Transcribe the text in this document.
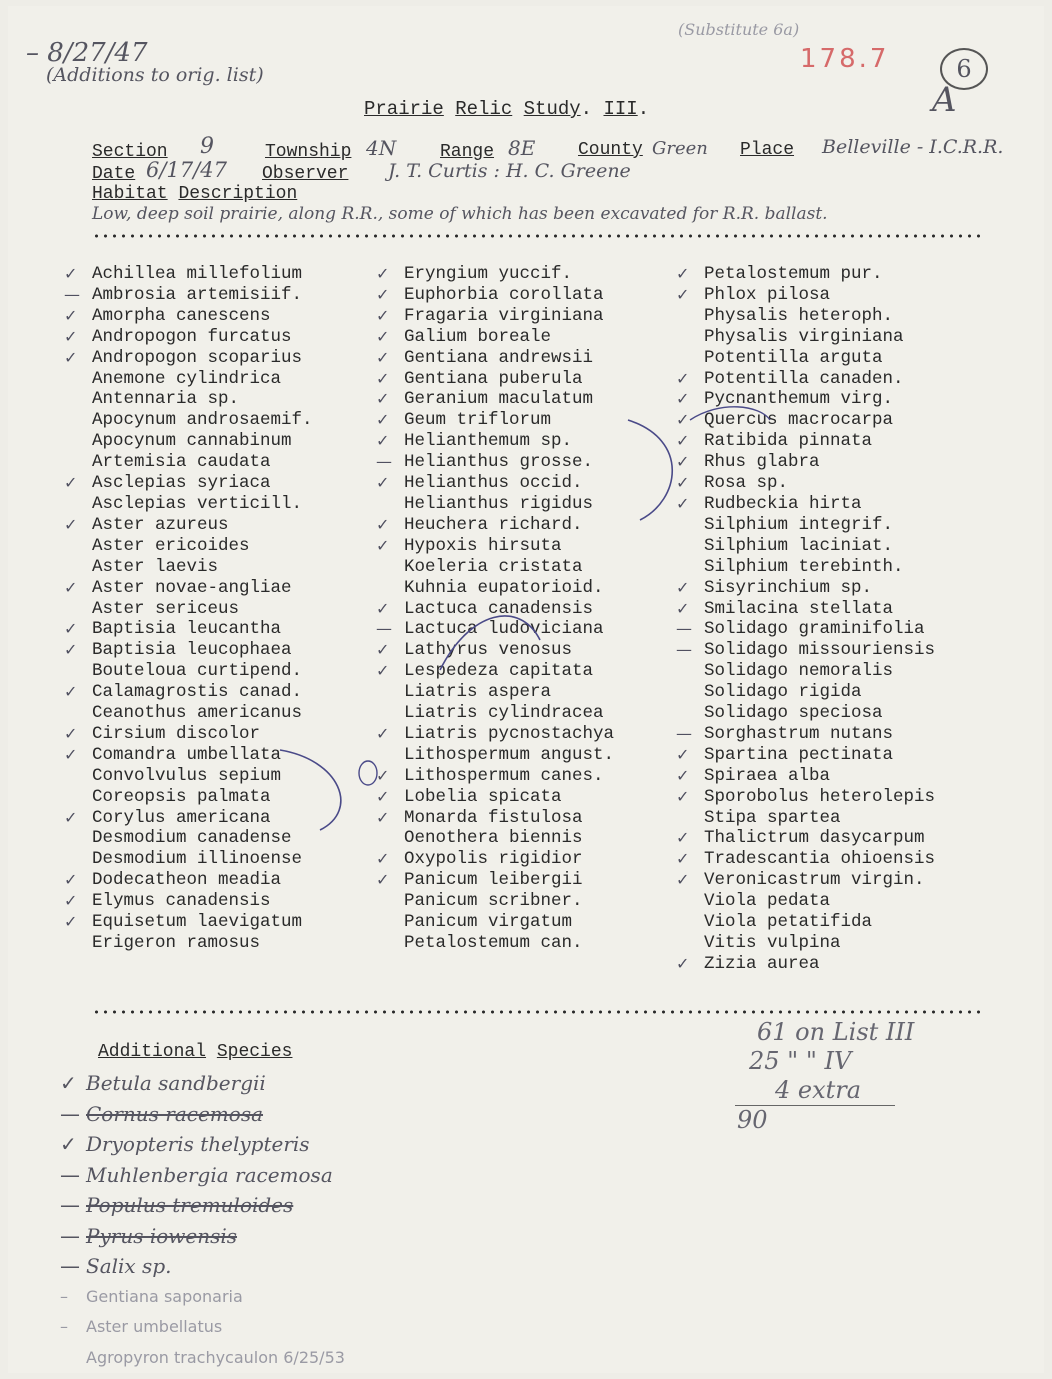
– 8/27/47
(Additions to orig. list)
(Substitute 6a)
178.7	6
A
Prairie Relic Study. III.
Section 9	Township 4N Range 8E County Green Place Belleville - I.C.R.R.
Date 6/17/47 Observer J. T. Curtis : H. C. Greene
Habitat Description
Low, deep soil prairie, along R.R., some of which has been excavated for R.R. ballast.
✓ Achillea millefolium
— Ambrosia artemisiif.
✓ Amorpha canescens
✓ Andropogon furcatus
✓ Andropogon scoparius
Anemone cylindrica
Antennaria sp.
Apocynum androsaemif.
Apocynum cannabinum
Artemisia caudata
✓ Asclepias syriaca
Asclepias verticill.
✓ Aster azureus
Aster ericoides
Aster laevis
✓ Aster novae-angliae
Aster sericeus
✓ Baptisia leucantha
✓ Baptisia leucophaea
Bouteloua curtipend.
✓ Calamagrostis canad.
Ceanothus americanus
✓ Cirsium discolor
✓ Comandra umbellata
Convolvulus sepium
Coreopsis palmata
✓ Corylus americana
Desmodium canadense
Desmodium illinoense
✓ Dodecatheon meadia
✓ Elymus canadensis
✓ Equisetum laevigatum
Erigeron ramosus
✓ Eryngium yuccif.
✓ Euphorbia corollata
✓ Fragaria virginiana
✓ Galium boreale
✓ Gentiana andrewsii
✓ Gentiana puberula
✓ Geranium maculatum
✓ Geum triflorum
✓ Helianthemum sp.
— Helianthus grosse.
✓ Helianthus occid.
Helianthus rigidus
✓ Heuchera richard.
✓ Hypoxis hirsuta
Koeleria cristata
Kuhnia eupatorioid.
✓ Lactuca canadensis
— Lactuca ludoviciana
✓ Lathyrus venosus
✓ Lespedeza capitata
Liatris aspera
Liatris cylindracea
✓ Liatris pycnostachya
Lithospermum angust.
✓ Lithospermum canes.
✓ Lobelia spicata
✓ Monarda fistulosa
Oenothera biennis
✓ Oxypolis rigidior
✓ Panicum leibergii
Panicum scribner.
Panicum virgatum
Petalostemum can.
✓ Petalostemum pur.
✓ Phlox pilosa
Physalis heteroph.
Physalis virginiana
Potentilla arguta
✓ Potentilla canaden.
✓ Pycnanthemum virg.
✓ Quercus macrocarpa
✓ Ratibida pinnata
✓ Rhus glabra
✓ Rosa sp.
✓ Rudbeckia hirta
Silphium integrif.
Silphium laciniat.
Silphium terebinth.
✓ Sisyrinchium sp.
✓ Smilacina stellata
— Solidago graminifolia
— Solidago missouriensis
Solidago nemoralis
Solidago rigida
Solidago speciosa
— Sorghastrum nutans
✓ Spartina pectinata
✓ Spiraea alba
✓ Sporobolus heterolepis
Stipa spartea
✓ Thalictrum dasycarpum
✓ Tradescantia ohioensis
✓ Veronicastrum virgin.
Viola pedata
Viola petatifida
Vitis vulpina
✓ Zizia aurea
Additional Species
✓ Betula sandbergii
— Cornus racemosa
✓ Dryopteris thelypteris
— Muhlenbergia racemosa
— Populus tremuloides
— Pyrus iowensis
— Salix sp.
– Gentiana saponaria
– Aster umbellatus
Agropyron trachycaulon 6/25/53
61 on List III
25 " " IV
4 extra
90
